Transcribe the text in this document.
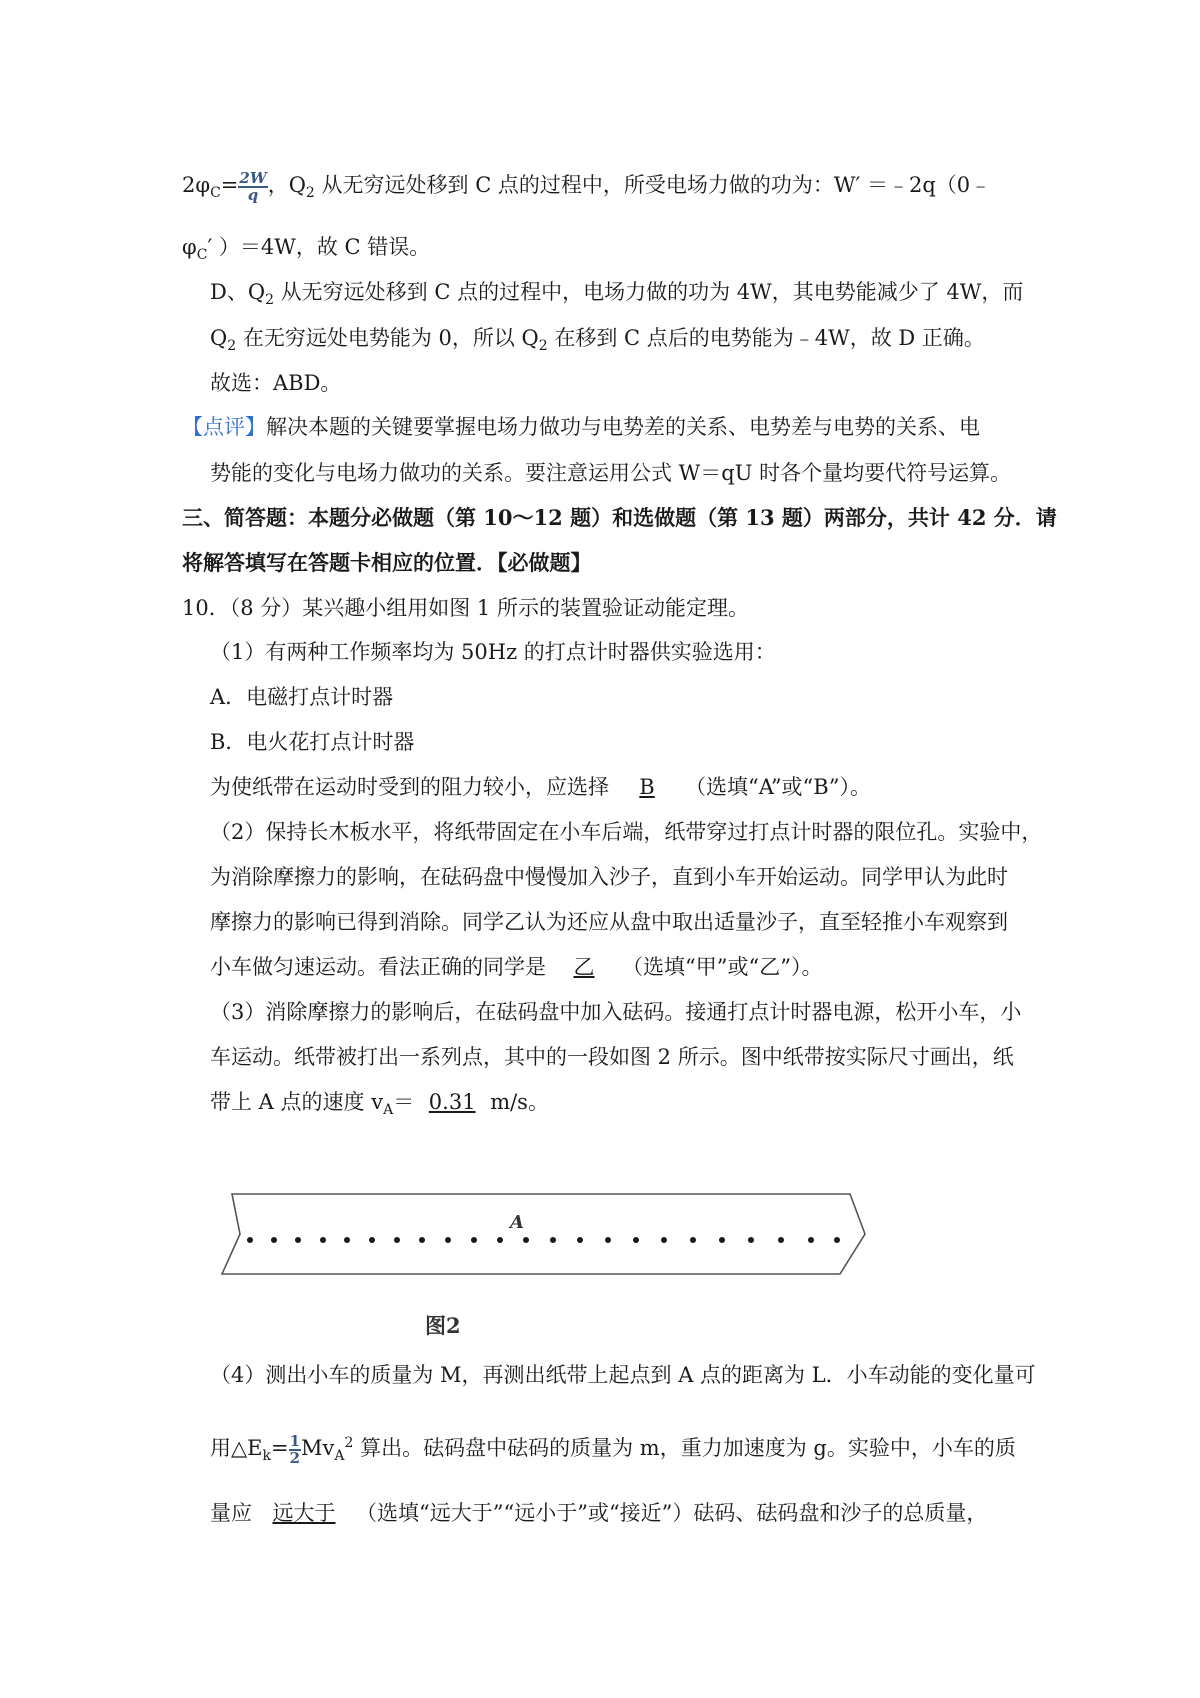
$2\varphi_C= \frac{2W}{q}$ ，$Q_2$ 从无穷远处移到 C 点的过程中，所受电场力做的功为：W′ ＝﹣2q（0﹣
$\varphi_C'$ ）＝4W，故 C 错误。
D、$Q_2$ 从无穷远处移到 C 点的过程中，电场力做的功为 4W，其电势能减少了 4W，而
$Q_2$ 在无穷远处电势能为 0，所以 $Q_2$ 在移到 C 点后的电势能为﹣4W，故 D 正确。
故选：ABD。
【点评】解决本题的关键要掌握电场力做功与电势差的关系、电势差与电势的关系、电
势能的变化与电场力做功的关系。要注意运用公式 W＝qU 时各个量均要代符号运算。
三、简答题：本题分必做题（第 10～12 题）和选做题（第 13 题）两部分，共计 42 分．请
将解答填写在答题卡相应的位置．【必做题】
10．（8 分）某兴趣小组用如图 1 所示的装置验证动能定理。
（1）有两种工作频率均为 50Hz 的打点计时器供实验选用：
A．电磁打点计时器
B．电火花打点计时器
为使纸带在运动时受到的阻力较小，应选择 B （选填“A”或“B”）。
（2）保持长木板水平，将纸带固定在小车后端，纸带穿过打点计时器的限位孔。实验中，
为消除摩擦力的影响，在砝码盘中慢慢加入沙子，直到小车开始运动。同学甲认为此时
摩擦力的影响已得到消除。同学乙认为还应从盘中取出适量沙子，直至轻推小车观察到
小车做匀速运动。看法正确的同学是 乙 （选填“甲”或“乙”）。
（3）消除摩擦力的影响后，在砝码盘中加入砝码。接通打点计时器电源，松开小车，小
车运动。纸带被打出一系列点，其中的一段如图 2 所示。图中纸带按实际尺寸画出，纸
带上 A 点的速度 $v_A= 0.31$ m/s。
A
图2
（4）测出小车的质量为 M，再测出纸带上起点到 A 点的距离为 L．小车动能的变化量可
用$\triangle E_k= \frac{1}{2} Mv_A^2$ 算出。砝码盘中砝码的质量为 m，重力加速度为 g。实验中，小车的质
量应 远大于 （选填“远大于”“远小于”或“接近”）砝码、砝码盘和沙子的总质量，
